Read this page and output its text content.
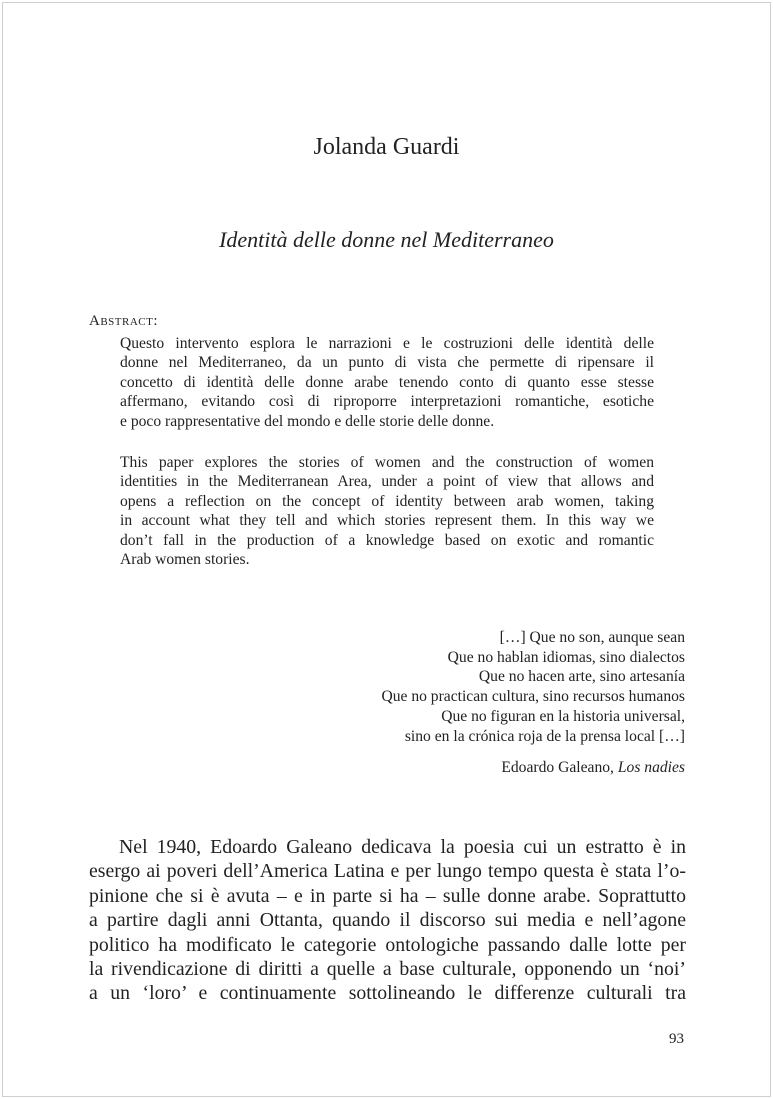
Jolanda Guardi
Identità delle donne nel Mediterraneo
Abstract:
Questo intervento esplora le narrazioni e le costruzioni delle identità delle
donne nel Mediterraneo, da un punto di vista che permette di ripensare il
concetto di identità delle donne arabe tenendo conto di quanto esse stesse
affermano, evitando così di riproporre interpretazioni romantiche, esotiche
e poco rappresentative del mondo e delle storie delle donne.
This paper explores the stories of women and the construction of women
identities in the Mediterranean Area, under a point of view that allows and
opens a reflection on the concept of identity between arab women, taking
in account what they tell and which stories represent them. In this way we
don’t fall in the production of a knowledge based on exotic and romantic
Arab women stories.
[…] Que no son, aunque sean
Que no hablan idiomas, sino dialectos
Que no hacen arte, sino artesanía
Que no practican cultura, sino recursos humanos
Que no figuran en la historia universal,
sino en la crónica roja de la prensa local […]
Edoardo Galeano, Los nadies
Nel 1940, Edoardo Galeano dedicava la poesia cui un estratto è in
esergo ai poveri dell’America Latina e per lungo tempo questa è stata l’o-
pinione che si è avuta – e in parte si ha – sulle donne arabe. Soprattutto
a partire dagli anni Ottanta, quando il discorso sui media e nell’agone
politico ha modificato le categorie ontologiche passando dalle lotte per
la rivendicazione di diritti a quelle a base culturale, opponendo un ‘noi’
a un ‘loro’ e continuamente sottolineando le differenze culturali tra
93
